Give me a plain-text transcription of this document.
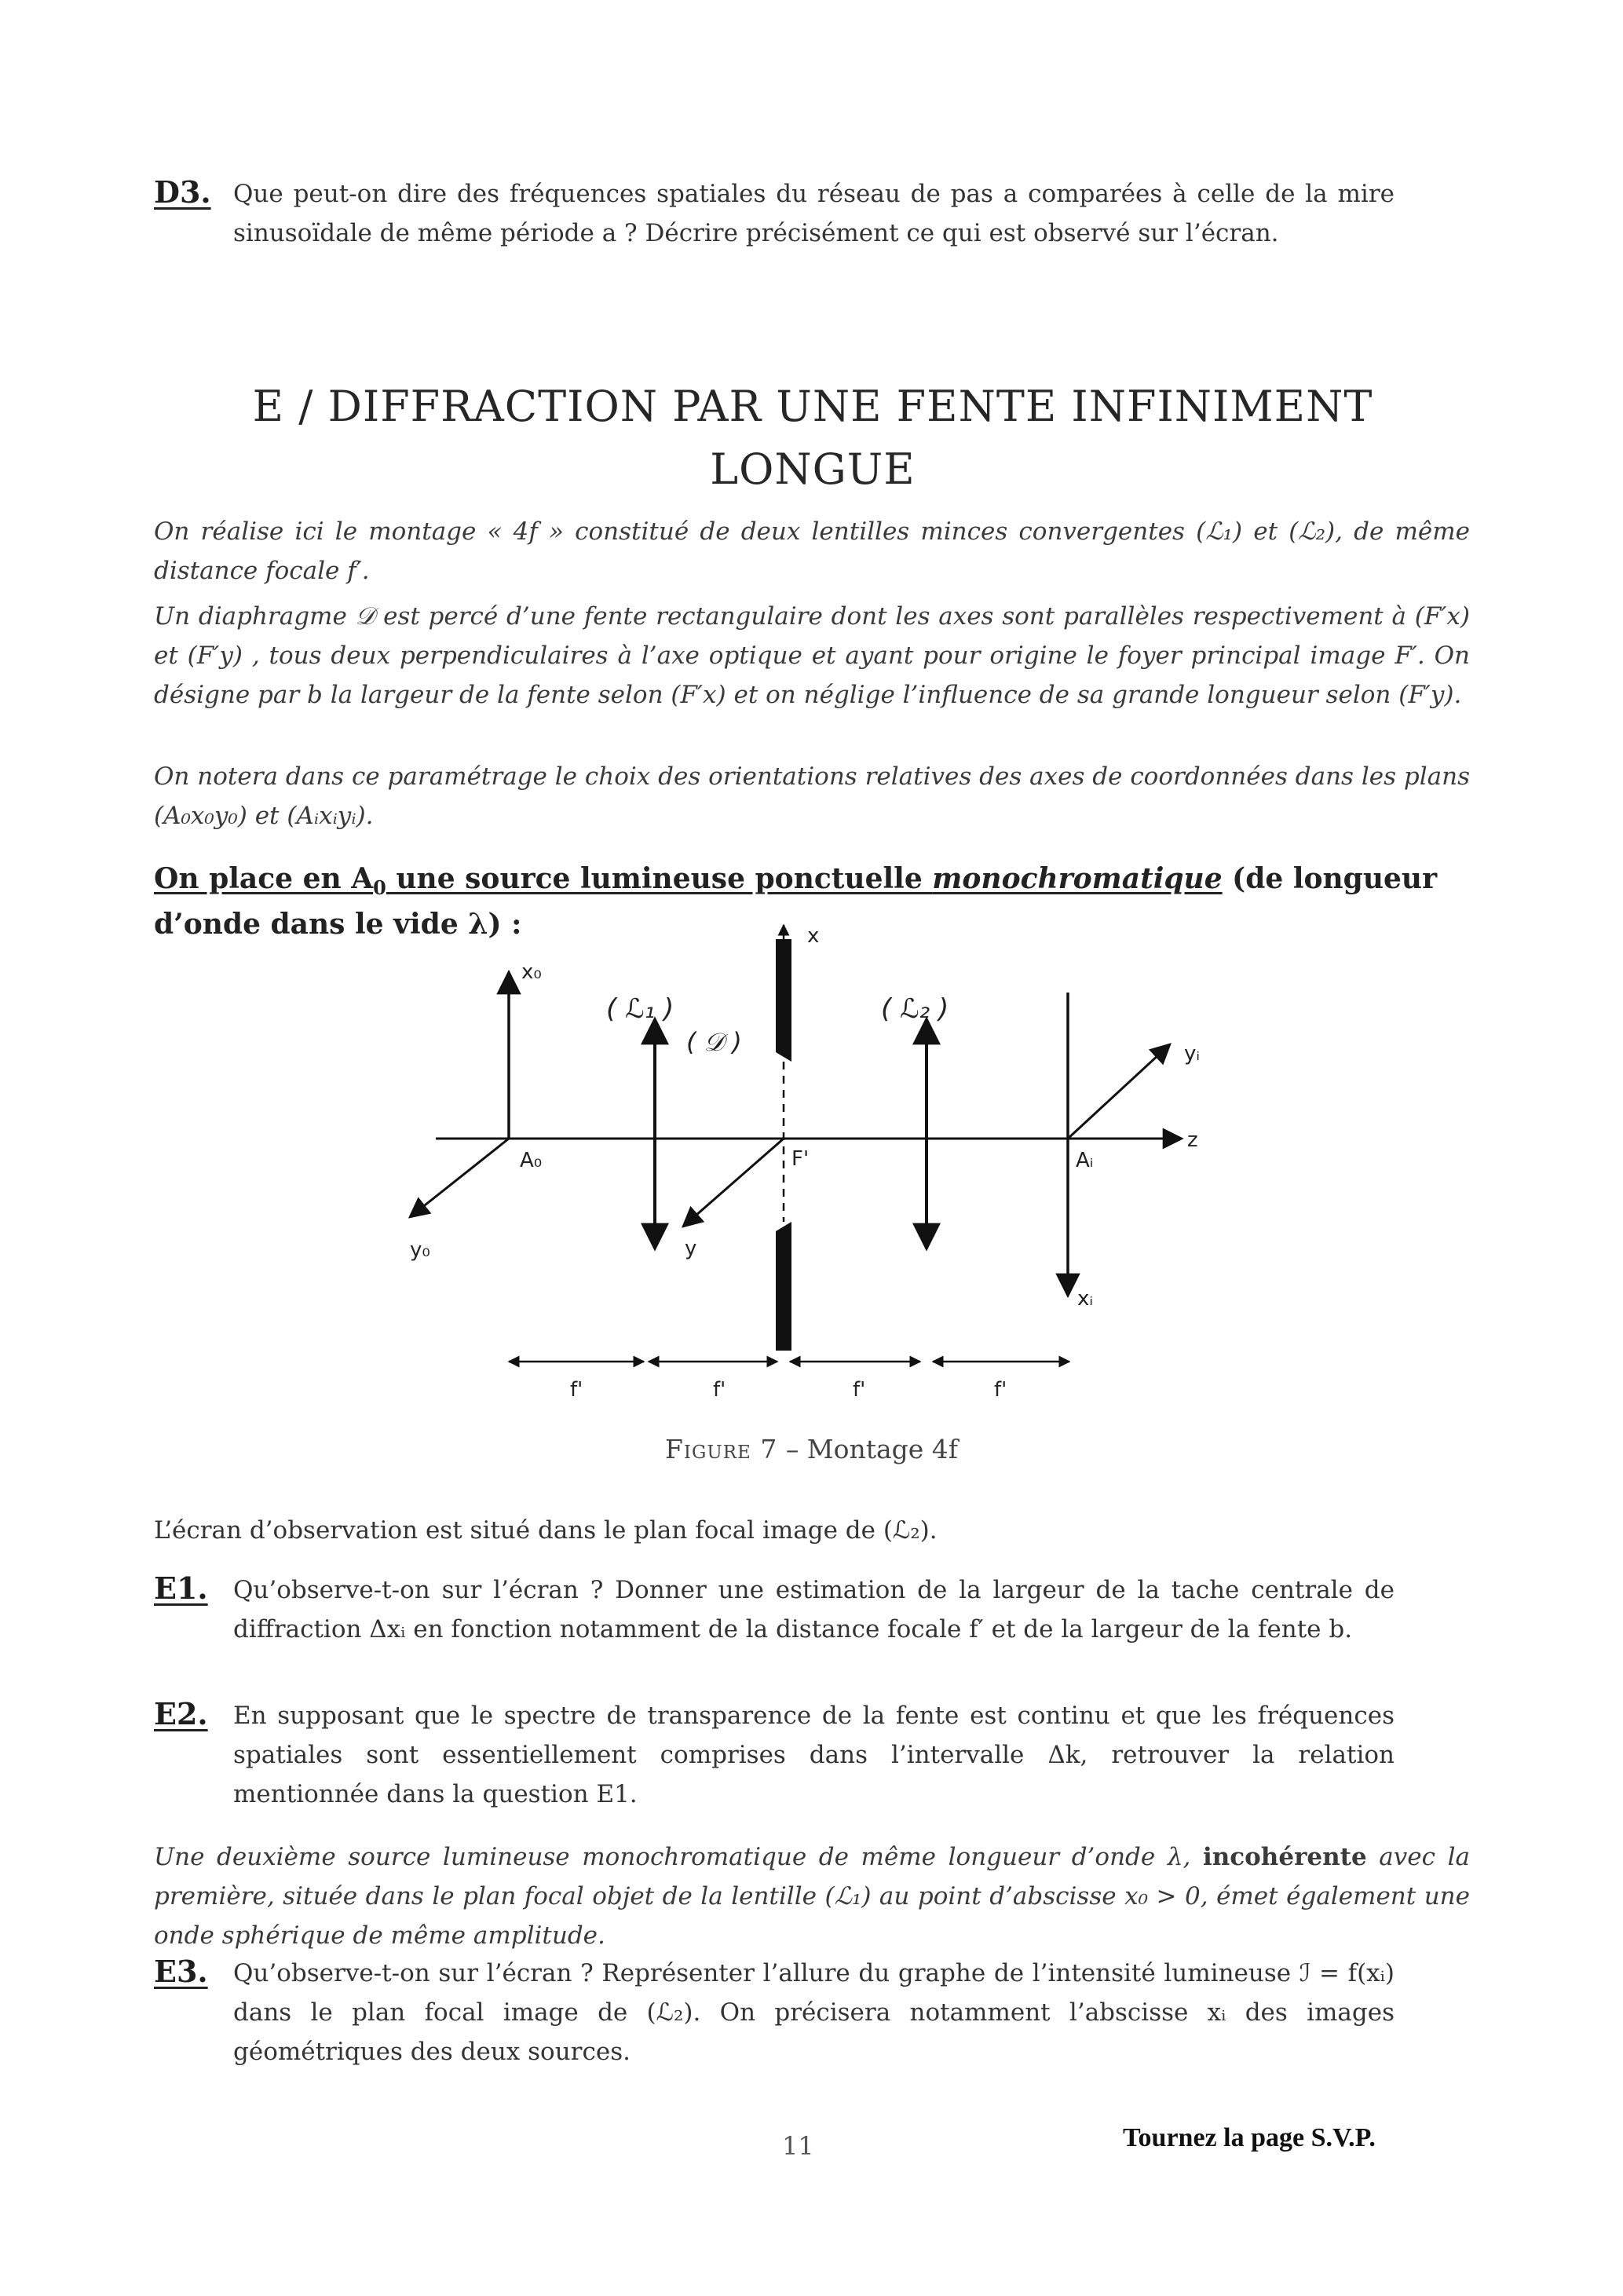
D3. Que peut-on dire des fréquences spatiales du réseau de pas a comparées à celle de la mire sinusoïdale de même période a ? Décrire précisément ce qui est observé sur l’écran.
E / DIFFRACTION PAR UNE FENTE INFINIMENT
LONGUE
On réalise ici le montage « 4f » constitué de deux lentilles minces convergentes (ℒ₁) et (ℒ₂), de même distance focale f′.
Un diaphragme 𝒟 est percé d’une fente rectangulaire dont les axes sont parallèles respectivement à (F′x) et (F′y) , tous deux perpendiculaires à l’axe optique et ayant pour origine le foyer principal image F′. On désigne par b la largeur de la fente selon (F′x) et on néglige l’influence de sa grande longueur selon (F′y).
On notera dans ce paramétrage le choix des orientations relatives des axes de coordonnées dans les plans (A₀x₀y₀) et (Aᵢxᵢyᵢ).
On place en $A_0$ une source lumineuse ponctuelle monochromatique (de longueur d’onde dans le vide λ) :
x₀
y₀
A₀
( ℒ₁ )
( 𝒟 )
x
F'
y
( ℒ₂ )
Aᵢ
xᵢ
yᵢ
z
f'	f'	f'	f'
Figure 7 – Montage 4f
L’écran d’observation est situé dans le plan focal image de (ℒ₂).
E1. Qu’observe-t-on sur l’écran ? Donner une estimation de la largeur de la tache centrale de diffraction Δxᵢ en fonction notamment de la distance focale f′ et de la largeur de la fente b.
E2. En supposant que le spectre de transparence de la fente est continu et que les fréquences spatiales sont essentiellement comprises dans l’intervalle Δk, retrouver la relation mentionnée dans la question E1.
Une deuxième source lumineuse monochromatique de même longueur d’onde λ, incohérente avec la première, située dans le plan focal objet de la lentille (ℒ₁) au point d’abscisse x₀ > 0, émet également une onde sphérique de même amplitude.
E3. Qu’observe-t-on sur l’écran ? Représenter l’allure du graphe de l’intensité lumineuse ℐ = f(xᵢ) dans le plan focal image de (ℒ₂). On précisera notamment l’abscisse xᵢ des images géométriques des deux sources.
11	Tournez la page S.V.P.
